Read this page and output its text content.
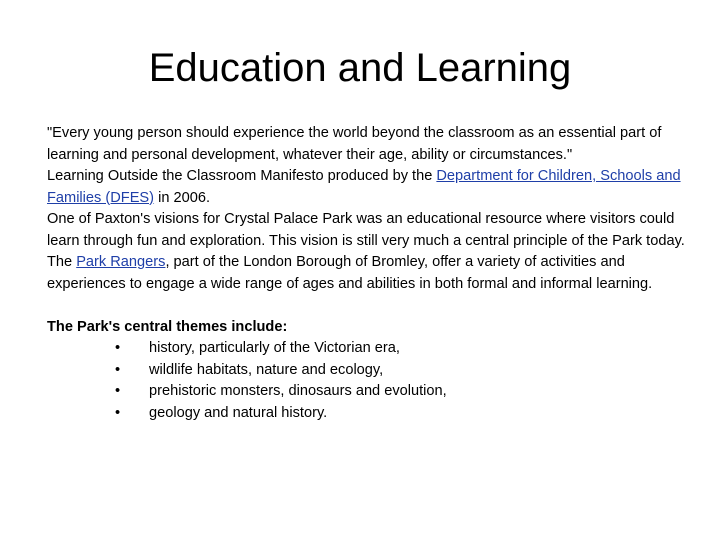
Education and Learning

"Every young person should experience the world beyond the classroom as an essential part of learning and personal development, whatever their age, ability or circumstances."

Learning Outside the Classroom Manifesto produced by the Department for Children, Schools and Families (DFES) in 2006.

One of Paxton's visions for Crystal Palace Park was an educational resource where visitors could learn through fun and exploration. This vision is still very much a central principle of the Park today.

The Park Rangers, part of the London Borough of Bromley, offer a variety of activities and experiences to engage a wide range of ages and abilities in both formal and informal learning.

The Park's central themes include:

• history, particularly of the Victorian era,
• wildlife habitats, nature and ecology,
• prehistoric monsters, dinosaurs and evolution,
• geology and natural history.
